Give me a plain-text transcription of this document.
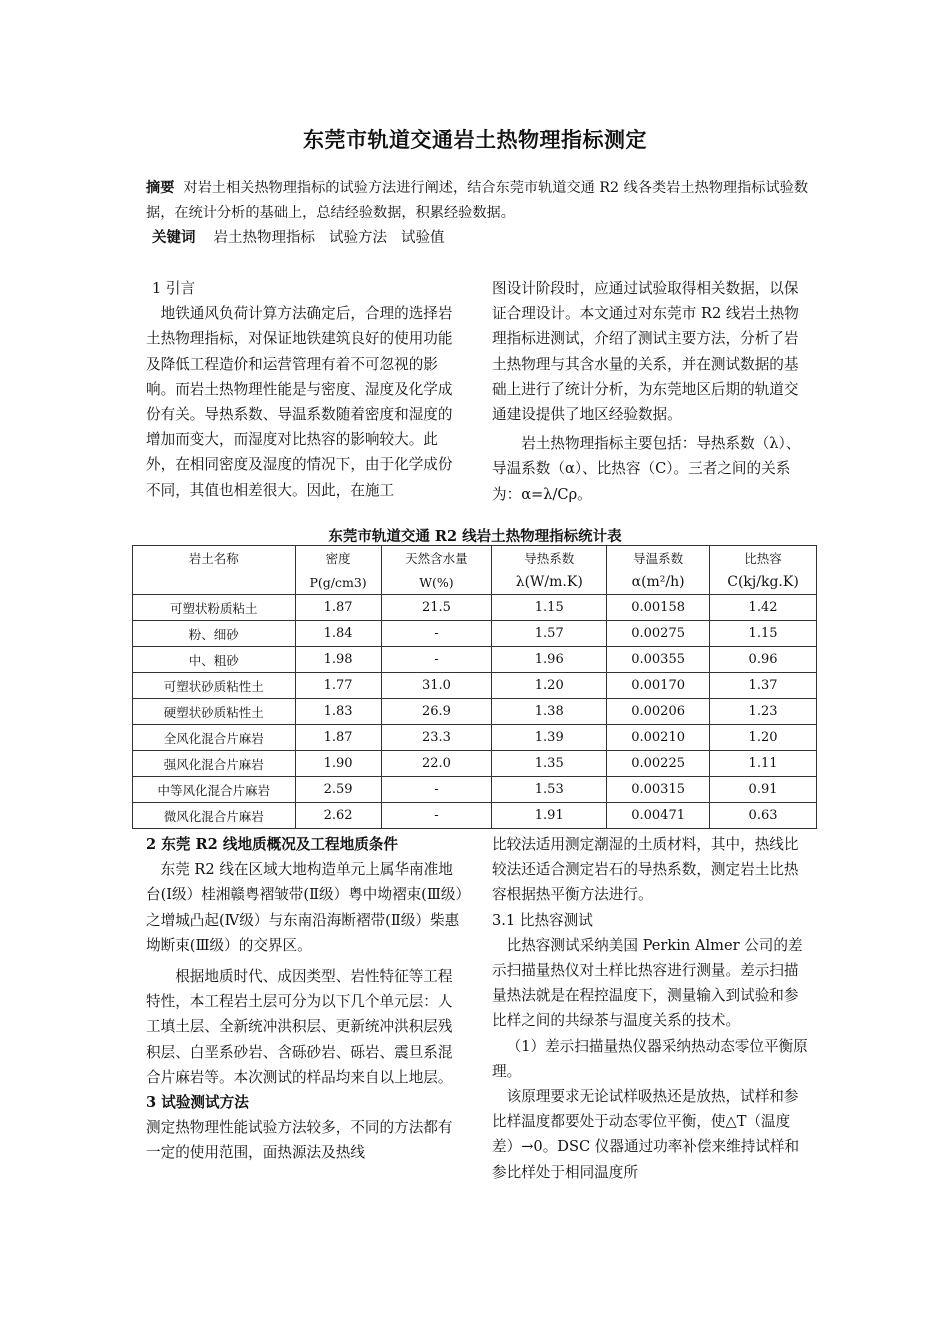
东莞市轨道交通岩土热物理指标测定
摘要 对岩土相关热物理指标的试验方法进行阐述，结合东莞市轨道交通 R2 线各类岩土热物理指标试验数据，在统计分析的基础上，总结经验数据，积累经验数据。
关键词 岩土热物理指标 试验方法 试验值

1 引言

地铁通风负荷计算方法确定后，合理的选择岩土热物理指标，对保证地铁建筑良好的使用功能及降低工程造价和运营管理有着不可忽视的影响。而岩土热物理性能是与密度、湿度及化学成份有关。导热系数、导温系数随着密度和湿度的增加而变大，而湿度对比热容的影响较大。此外，在相同密度及湿度的情况下，由于化学成份不同，其值也相差很大。因此，在施工

图设计阶段时，应通过试验取得相关数据，以保证合理设计。本文通过对东莞市 R2 线岩土热物理指标进测试，介绍了测试主要方法，分析了岩土热物理与其含水量的关系，并在测试数据的基础上进行了统计分析，为东莞地区后期的轨道交通建设提供了地区经验数据。

岩土热物理指标主要包括：导热系数（λ）、导温系数（α）、比热容（C）。三者之间的关系为：α=λ/Cρ。

东莞市轨道交通 R2 线岩土热物理指标统计表
岩土名称	密度	天然含水量	导热系数	导温系数	比热容
	P(g/cm3)	W(%)	λ(W/m.K)	α(m²/h)	C(kj/kg.K)
可塑状粉质粘土	1.87	21.5	1.15	0.00158	1.42
粉、细砂	1.84	-	1.57	0.00275	1.15
中、粗砂	1.98	-	1.96	0.00355	0.96
可塑状砂质粘性土	1.77	31.0	1.20	0.00170	1.37
硬塑状砂质粘性土	1.83	26.9	1.38	0.00206	1.23
全风化混合片麻岩	1.87	23.3	1.39	0.00210	1.20
强风化混合片麻岩	1.90	22.0	1.35	0.00225	1.11
中等风化混合片麻岩	2.59	-	1.53	0.00315	0.91
微风化混合片麻岩	2.62	-	1.91	0.00471	0.63

2 东莞 R2 线地质概况及工程地质条件

东莞 R2 线在区域大地构造单元上属华南准地台(Ⅰ级）桂湘赣粤褶皱带(Ⅱ级）粤中坳褶束(Ⅲ级）之增城凸起(Ⅳ级）与东南沿海断褶带(Ⅱ级）柴惠坳断束(Ⅲ级）的交界区。

根据地质时代、成因类型、岩性特征等工程特性，本工程岩土层可分为以下几个单元层：人工填土层、全新统冲洪积层、更新统冲洪积层残积层、白垩系砂岩、含砾砂岩、砾岩、震旦系混合片麻岩等。本次测试的样品均来自以上地层。

3 试验测试方法

测定热物理性能试验方法较多，不同的方法都有一定的使用范围，面热源法及热线

比较法适用测定潮湿的土质材料，其中，热线比较法还适合测定岩石的导热系数，测定岩土比热容根据热平衡方法进行。

3.1 比热容测试

比热容测试采纳美国 Perkin Almer 公司的差示扫描量热仪对土样比热容进行测量。差示扫描量热法就是在程控温度下，测量输入到试验和参比样之间的共绿茶与温度关系的技术。

（1）差示扫描量热仪器采纳热动态零位平衡原理。

该原理要求无论试样吸热还是放热，试样和参比样温度都要处于动态零位平衡，使△T（温度差）→0。DSC 仪器通过功率补偿来维持试样和参比样处于相同温度所
